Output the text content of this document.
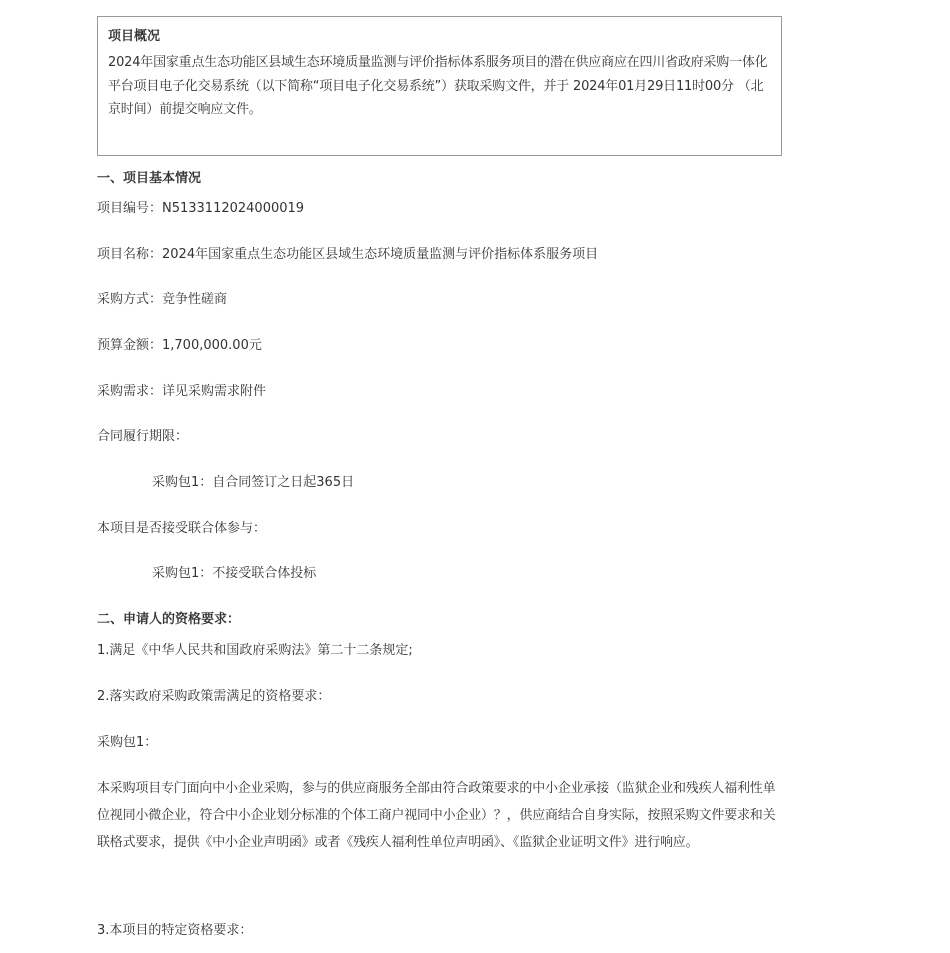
项目概况

2024年国家重点生态功能区县域生态环境质量监测与评价指标体系服务项目的潜在供应商应在四川省政府采购一体化平台项目电子化交易系统（以下简称“项目电子化交易系统”）获取采购文件，并于 2024年01月29日11时00分 （北京时间）前提交响应文件。

一、项目基本情况

项目编号：N5133112024000019

项目名称：2024年国家重点生态功能区县域生态环境质量监测与评价指标体系服务项目

采购方式：竞争性磋商

预算金额：1,700,000.00元

采购需求：详见采购需求附件

合同履行期限：

采购包1：自合同签订之日起365日

本项目是否接受联合体参与：

采购包1：不接受联合体投标

二、申请人的资格要求：

1.满足《中华人民共和国政府采购法》第二十二条规定;

2.落实政府采购政策需满足的资格要求：

采购包1：

本采购项目专门面向中小企业采购，参与的供应商服务全部由符合政策要求的中小企业承接（监狱企业和残疾人福利性单位视同小微企业，符合中小企业划分标准的个体工商户视同中小企业）？，供应商结合自身实际，按照采购文件要求和关联格式要求，提供《中小企业声明函》或者《残疾人福利性单位声明函》、《监狱企业证明文件》进行响应。

3.本项目的特定资格要求：
